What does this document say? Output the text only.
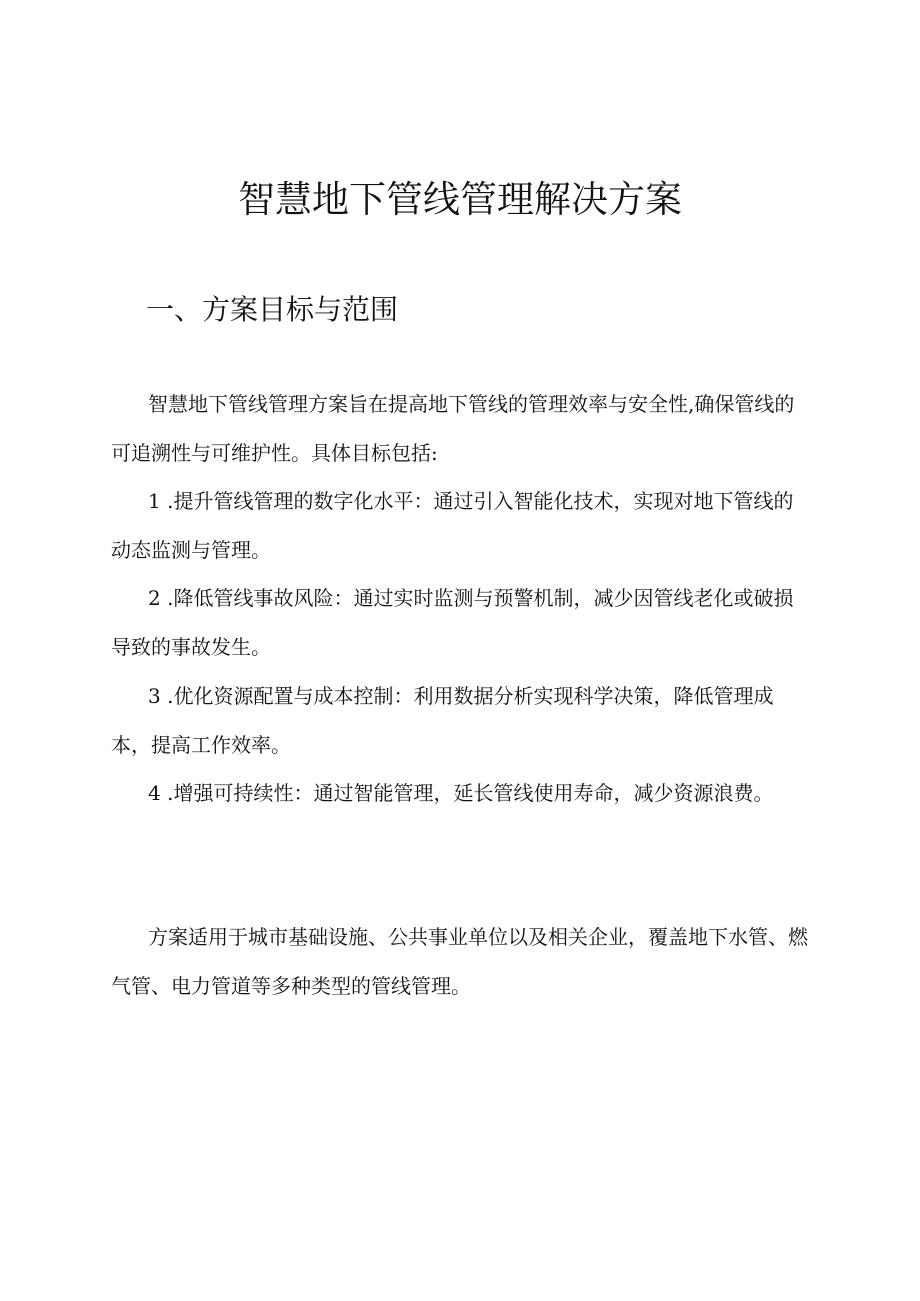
智慧地下管线管理解决方案
一、方案目标与范围

智慧地下管线管理方案旨在提高地下管线的管理效率与安全性,确保管线的可追溯性与可维护性。具体目标包括:

1 .提升管线管理的数字化水平：通过引入智能化技术，实现对地下管线的动态监测与管理。

2 .降低管线事故风险：通过实时监测与预警机制，减少因管线老化或破损导致的事故发生。

3 .优化资源配置与成本控制：利用数据分析实现科学决策，降低管理成本，提高工作效率。

4 .增强可持续性：通过智能管理，延长管线使用寿命，减少资源浪费。

方案适用于城市基础设施、公共事业单位以及相关企业，覆盖地下水管、燃气管、电力管道等多种类型的管线管理。
